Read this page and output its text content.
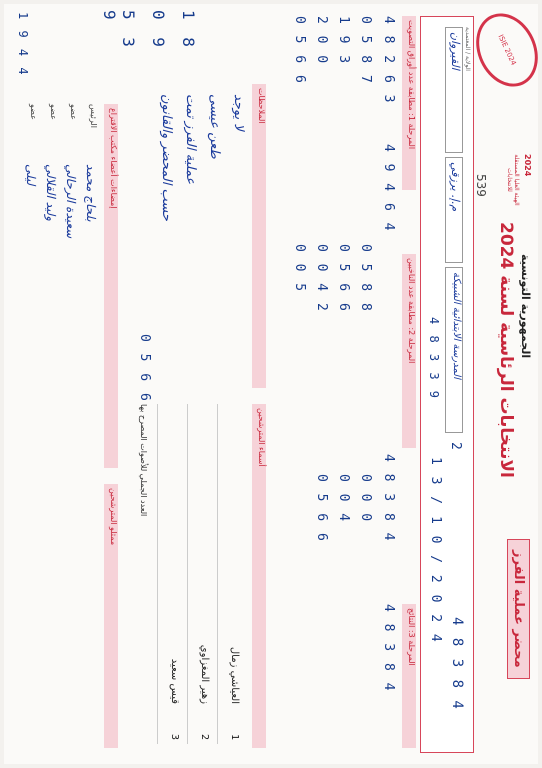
ISIE 2024
2024
الهيئة العليا المستقلة للانتخابات
الجمهورية التونسية
الانتخابات الرئاسية لسنة 2024
محضر عملية الفرز
539
الولاية / المعتمدية
القيروان
م.إ. يرزقي
المدرسة الابتدائية الشبيكة
2
1 3 / 1 0 / 2 0 2 4
4 8 3 8 4
4 8 3 3 9
المرحلة 1: مطابقة عدد أوراق التصويت
المرحلة 2: مطابقة عدد الناخبين
المرحلة 3: النتائج
4 8 3 8 4
4 8 3 8 4
4 9 4 6 4
4 8 2 6 3
0 5 8 7
1 9 3
2 0 0
0 5 6 6
0 5 8 8
0 5 6 6
0 0 4 2
0 0 5
0 0 0
0 0 4
0 5 6 6
أسماء المترشحين
1
العياشي زمال
2
زهير المغزاوي
3
قيس سعيد
العدد الجملي للأصوات المصرح بها
0 5 6 6
الملاحظات
لا يوجد
طعن عيسى
عملية الفرز تمت
حسب المحضر والقانون
1 8
0 9
5 3 9
إمضاءات أعضاء مكتب الاقتراع
الرئيس
بلحاج محمد
عضو
سعيدة الرحالي
عضو
وليد القلالي
عضو
ليلى
ممثلو المترشحين
1 9 4 4
